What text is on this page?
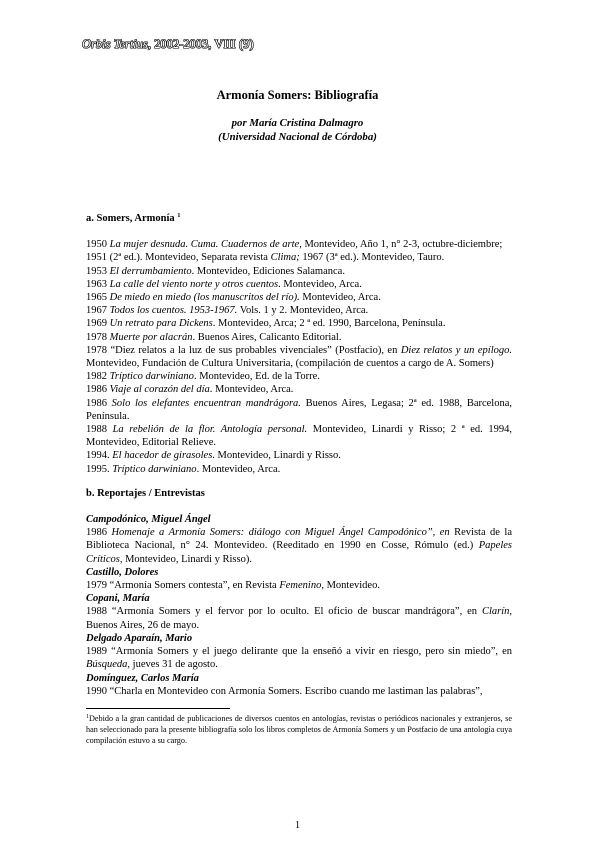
Orbis Tertius, 2002-2003, VIII (9)
Armonía Somers: Bibliografía
por María Cristina Dalmagro
(Universidad Nacional de Córdoba)

a. Somers, Armonía $^1$

1950 La mujer desnuda. Cuma. Cuadernos de arte, Montevideo, Año 1, n° 2-3, octubre-diciembre;

1951 (2ª ed.). Montevideo, Separata revista Clima; 1967 (3ª ed.). Montevideo, Tauro.

1953 El derrumbamiento. Montevideo, Ediciones Salamanca.

1963 La calle del viento norte y otros cuentos. Montevideo, Arca.

1965 De miedo en miedo (los manuscritos del río). Montevideo, Arca.

1967 Todos los cuentos. 1953-1967. Vols. 1 y 2. Montevideo, Arca.

1969 Un retrato para Dickens. Montevideo, Arca; 2 ª ed. 1990, Barcelona, Península.

1978 Muerte por alacrán. Buenos Aires, Calicanto Editorial.

1978 “Diez relatos a la luz de sus probables vivenciales” (Postfacio), en Diez relatos y un epílogo. Montevideo, Fundación de Cultura Universitaria, (compilación de cuentos a cargo de A. Somers)

1982 Tríptico darwiniano. Montevideo, Ed. de la Torre.

1986 Viaje al corazón del día. Montevideo, Arca.

1986 Solo los elefantes encuentran mandrágora. Buenos Aires, Legasa; 2ª ed. 1988, Barcelona, Península.

1988 La rebelión de la flor. Antología personal. Montevideo, Linardi y Risso; 2 ª ed. 1994, Montevideo, Editorial Relieve.

1994. El hacedor de girasoles. Montevideo, Linardi y Risso.

1995. Tríptico darwiniano. Montevideo, Arca.

b. Reportajes / Entrevistas

Campodónico, Miguel Ángel

1986 Homenaje a Armonía Somers: diálogo con Miguel Ángel Campodónico”, en Revista de la Biblioteca Nacional, n° 24. Montevideo. (Reeditado en 1990 en Cosse, Rómulo (ed.) Papeles Críticos, Montevideo, Linardi y Risso).

Castillo, Dolores

1979 “Armonía Somers contesta”, en Revista Femenino, Montevideo.

Copani, María

1988 “Armonía Somers y el fervor por lo oculto. El oficio de buscar mandrágora”, en Clarín, Buenos Aires, 26 de mayo.

Delgado Aparaín, Mario

1989 “Armonía Somers y el juego delirante que la enseñó a vivir en riesgo, pero sin miedo”, en Búsqueda, jueves 31 de agosto.

Domínguez, Carlos María

1990 “Charla en Montevideo con Armonía Somers. Escribo cuando me lastiman las palabras”,

$^1$Debido a la gran cantidad de publicaciones de diversos cuentos en antologías, revistas o periódicos nacionales y extranjeros, se han seleccionado para la presente bibliografía solo los libros completos de Armonía Somers y un Postfacio de una antología cuya compilación estuvo a su cargo.
1
